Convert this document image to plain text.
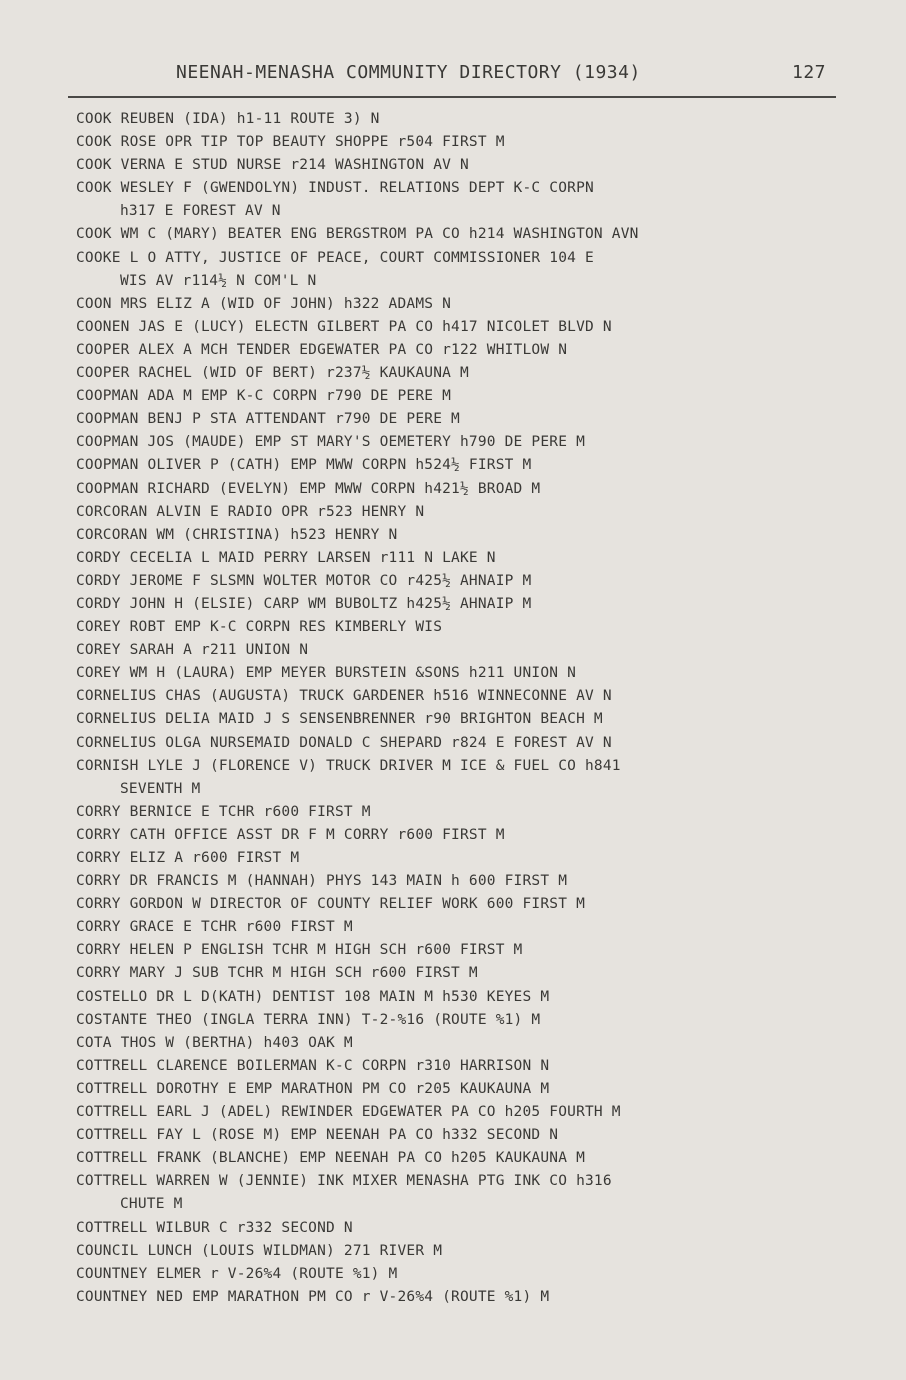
NEENAH-MENASHA COMMUNITY DIRECTORY (1934)	127
COOK REUBEN (IDA) h1-11 ROUTE 3) N
COOK ROSE OPR TIP TOP BEAUTY SHOPPE r504 FIRST M
COOK VERNA E STUD NURSE r214 WASHINGTON AV N
COOK WESLEY F (GWENDOLYN) INDUST. RELATIONS DEPT K-C CORPN
h317 E FOREST AV N
COOK WM C (MARY) BEATER ENG BERGSTROM PA CO h214 WASHINGTON AVN
COOKE L O ATTY, JUSTICE OF PEACE, COURT COMMISSIONER 104 E
WIS AV r114½ N COM'L N
COON MRS ELIZ A (WID OF JOHN) h322 ADAMS N
COONEN JAS E (LUCY) ELECTN GILBERT PA CO h417 NICOLET BLVD N
COOPER ALEX A MCH TENDER EDGEWATER PA CO r122 WHITLOW N
COOPER RACHEL (WID OF BERT) r237½ KAUKAUNA M
COOPMAN ADA M EMP K-C CORPN r790 DE PERE M
COOPMAN BENJ P STA ATTENDANT r790 DE PERE M
COOPMAN JOS (MAUDE) EMP ST MARY'S OEMETERY h790 DE PERE M
COOPMAN OLIVER P (CATH) EMP MWW CORPN h524½ FIRST M
COOPMAN RICHARD (EVELYN) EMP MWW CORPN h421½ BROAD M
CORCORAN ALVIN E RADIO OPR r523 HENRY N
CORCORAN WM (CHRISTINA) h523 HENRY N
CORDY CECELIA L MAID PERRY LARSEN r111 N LAKE N
CORDY JEROME F SLSMN WOLTER MOTOR CO r425½ AHNAIP M
CORDY JOHN H (ELSIE) CARP WM BUBOLTZ h425½ AHNAIP M
COREY ROBT EMP K-C CORPN RES KIMBERLY WIS
COREY SARAH A r211 UNION N
COREY WM H (LAURA) EMP MEYER BURSTEIN &SONS h211 UNION N
CORNELIUS CHAS (AUGUSTA) TRUCK GARDENER h516 WINNECONNE AV N
CORNELIUS DELIA MAID J S SENSENBRENNER r90 BRIGHTON BEACH M
CORNELIUS OLGA NURSEMAID DONALD C SHEPARD r824 E FOREST AV N
CORNISH LYLE J (FLORENCE V) TRUCK DRIVER M ICE & FUEL CO h841
SEVENTH M
CORRY BERNICE E TCHR r600 FIRST M
CORRY CATH OFFICE ASST DR F M CORRY r600 FIRST M
CORRY ELIZ A r600 FIRST M
CORRY DR FRANCIS M (HANNAH) PHYS 143 MAIN h 600 FIRST M
CORRY GORDON W DIRECTOR OF COUNTY RELIEF WORK 600 FIRST M
CORRY GRACE E TCHR r600 FIRST M
CORRY HELEN P ENGLISH TCHR M HIGH SCH r600 FIRST M
CORRY MARY J SUB TCHR M HIGH SCH r600 FIRST M
COSTELLO DR L D(KATH) DENTIST 108 MAIN M h530 KEYES M
COSTANTE THEO (INGLA TERRA INN) T-2-%16 (ROUTE %1) M
COTA THOS W (BERTHA) h403 OAK M
COTTRELL CLARENCE BOILERMAN K-C CORPN r310 HARRISON N
COTTRELL DOROTHY E EMP MARATHON PM CO r205 KAUKAUNA M
COTTRELL EARL J (ADEL) REWINDER EDGEWATER PA CO h205 FOURTH M
COTTRELL FAY L (ROSE M) EMP NEENAH PA CO h332 SECOND N
COTTRELL FRANK (BLANCHE) EMP NEENAH PA CO h205 KAUKAUNA M
COTTRELL WARREN W (JENNIE) INK MIXER MENASHA PTG INK CO h316
CHUTE M
COTTRELL WILBUR C r332 SECOND N
COUNCIL LUNCH (LOUIS WILDMAN) 271 RIVER M
COUNTNEY ELMER r V-26%4 (ROUTE %1) M
COUNTNEY NED EMP MARATHON PM CO r V-26%4 (ROUTE %1) M
